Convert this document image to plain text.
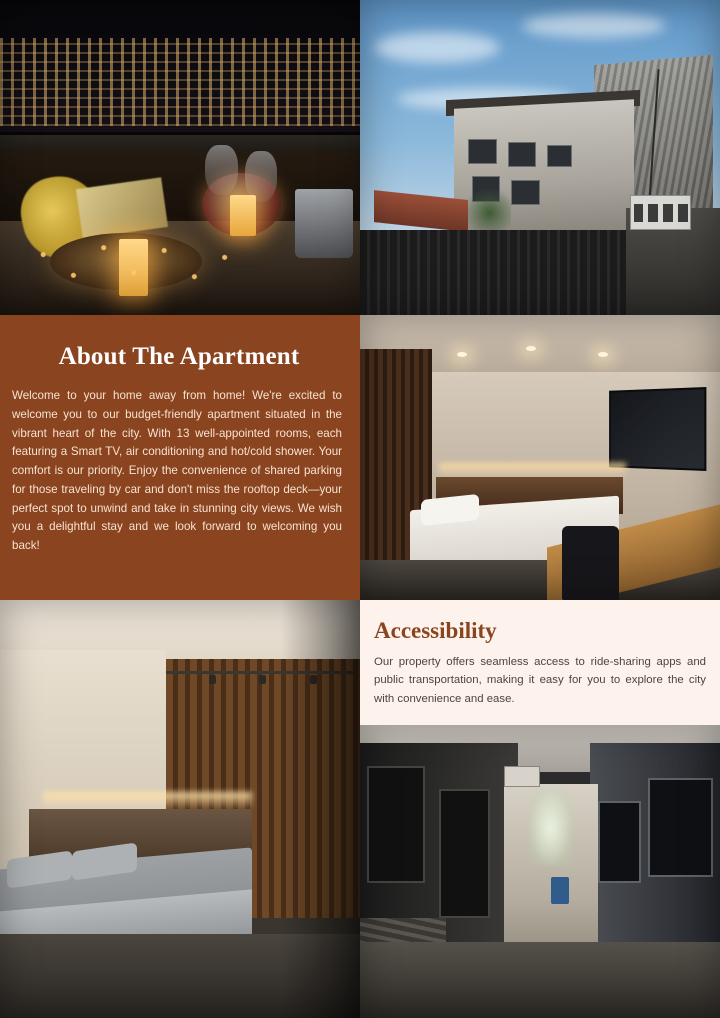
About The Apartment

Welcome to your home away from home! We're excited to welcome you to our budget-friendly apartment situated in the vibrant heart of the city. With 13 well-appointed rooms, each featuring a Smart TV, air conditioning and hot/cold shower. Your comfort is our priority. Enjoy the convenience of shared parking for those traveling by car and don't miss the rooftop deck—your perfect spot to unwind and take in stunning city views. We wish you a delightful stay and we look forward to welcoming you back!

Accessibility

Our property offers seamless access to ride-sharing apps and public transportation, making it easy for you to explore the city with convenience and ease.
